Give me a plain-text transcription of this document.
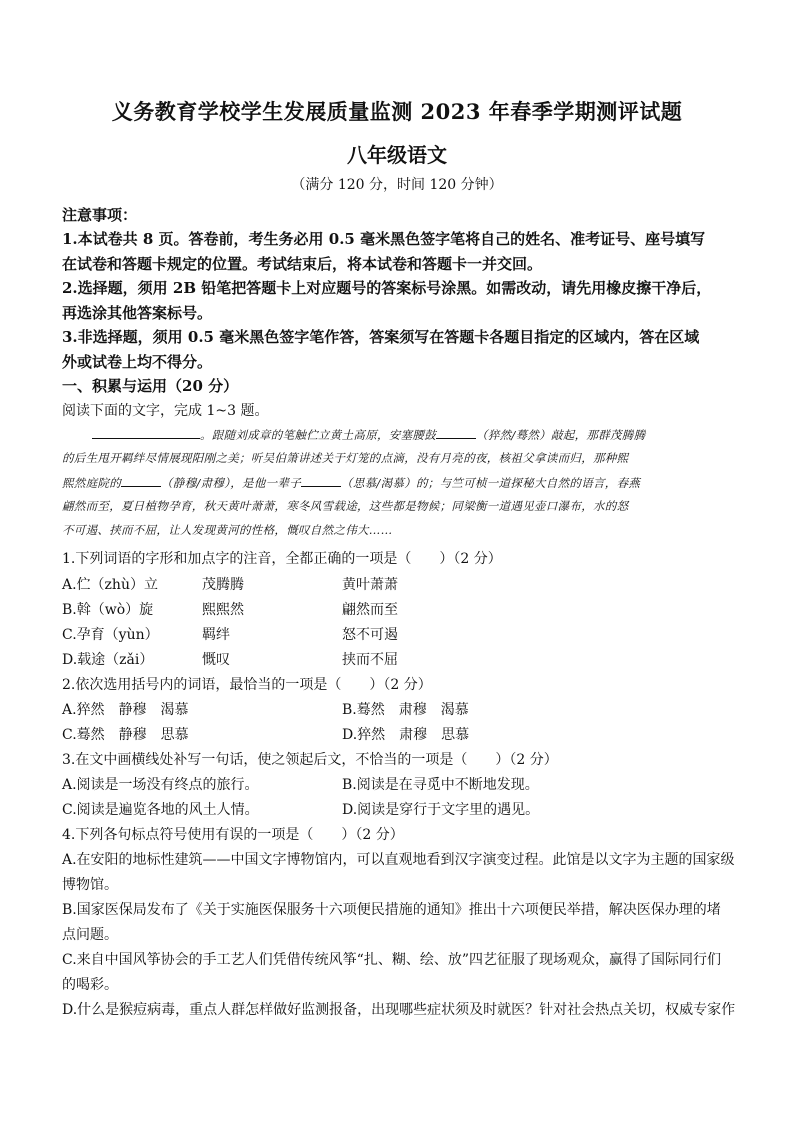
义务教育学校学生发展质量监测 2023 年春季学期测评试题
八年级语文
（满分 120 分，时间 120 分钟）
注意事项：
1.本试卷共 8 页。答卷前，考生务必用 0.5 毫米黑色签字笔将自己的姓名、准考证号、座号填写
在试卷和答题卡规定的位置。考试结束后，将本试卷和答题卡一并交回。
2.选择题，须用 2B 铅笔把答题卡上对应题号的答案标号涂黑。如需改动，请先用橡皮擦干净后，
再选涂其他答案标号。
3.非选择题，须用 0.5 毫米黑色签字笔作答，答案须写在答题卡各题目指定的区域内，答在区域
外或试卷上均不得分。
一、积累与运用（20 分）
阅读下面的文字，完成 1~3 题。
。跟随刘成章的笔触伫立黄土高原，安塞腰鼓	（猝然/蓦然）敲起，那群茂腾腾
的后生甩开羁绊尽情展现阳刚之美；听吴伯箫讲述关于灯笼的点滴，没有月亮的夜，核祖父拿读而归，那种熙
熙然庭院的	（静穆/肃穆），是他一辈子	（思慕/渴慕）的；与竺可桢一道探秘大自然的语言，春燕
翩然而至，夏日植物孕育，秋天黄叶萧萧，寒冬风雪载途，这些都是物候；同梁衡一道遇见壶口瀑布，水的怒
不可遏、挟而不屈，让人发现黄河的性格，慨叹自然之伟大……
1.下列词语的字形和加点字的注音，全都正确的一项是（　　）（2 分）
A.伫（zhù）立	茂腾腾	黄叶萧萧
B.斡（wò）旋	熙熙然	翩然而至
C.孕育（yùn）	羁绊	怒不可遏
D.载途（zǎi）	慨叹	挟而不屈
2.依次选用括号内的词语，最恰当的一项是（　　）（2 分）
A.猝然　静穆　渴慕	B.蓦然　肃穆　渴慕
C.蓦然　静穆　思慕	D.猝然　肃穆　思慕
3.在文中画横线处补写一句话，使之领起后文，不恰当的一项是（　　）（2 分）
A.阅读是一场没有终点的旅行。	B.阅读是在寻觅中不断地发现。
C.阅读是遍览各地的风土人情。	D.阅读是穿行于文字里的遇见。
4.下列各句标点符号使用有误的一项是（　　）（2 分）
A.在安阳的地标性建筑——中国文字博物馆内，可以直观地看到汉字演变过程。此馆是以文字为主题的国家级
博物馆。
B.国家医保局发布了《关于实施医保服务十六项便民措施的通知》推出十六项便民举措，解决医保办理的堵
点问题。
C.来自中国风筝协会的手工艺人们凭借传统风筝“扎、糊、绘、放”四艺征服了现场观众，赢得了国际同行们
的喝彩。
D.什么是猴痘病毒，重点人群怎样做好监测报备，出现哪些症状须及时就医？针对社会热点关切，权威专家作
